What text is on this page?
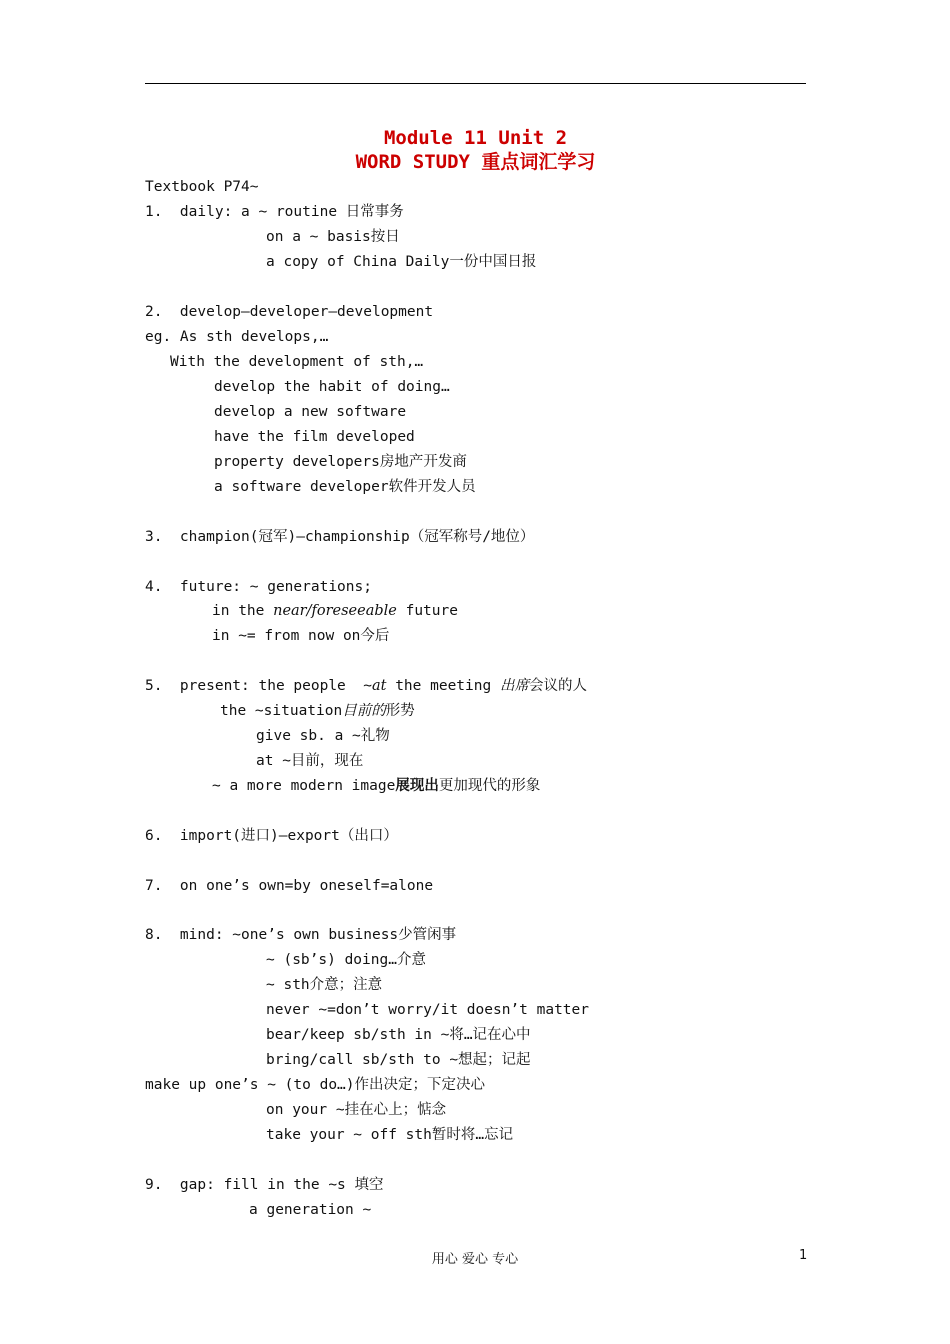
Module 11 Unit 2
WORD STUDY 重点词汇学习
Textbook P74~
1.  daily: a ~ routine 日常事务
on a ~ basis按日
a copy of China Daily一份中国日报
2.  develop—developer—development
eg. As sth develops,…
With the development of sth,…
develop the habit of doing…
develop a new software
have the film developed
property developers房地产开发商
a software developer软件开发人员
3.  champion(冠军)—championship（冠军称号/地位）
4.  future: ~ generations;
in the near/foreseeable future
in ~= from now on今后
5.  present: the people  ~at the meeting 出席会议的人
the ~situation目前的形势
give sb. a ~礼物
at ~目前，现在
~ a more modern image展现出更加现代的形象
6.  import(进口)—export（出口）
7.  on one’s own=by oneself=alone
8.  mind: ~one’s own business少管闲事
~ (sb’s) doing…介意
~ sth介意；注意
never ~=don’t worry/it doesn’t matter
bear/keep sb/sth in ~将…记在心中
bring/call sb/sth to ~想起；记起
make up one’s ~ (to do…)作出决定；下定决心
on your ~挂在心上；惦念
take your ~ off sth暂时将…忘记
9.  gap: fill in the ~s 填空
a generation ~
用心 爱心 专心	1
